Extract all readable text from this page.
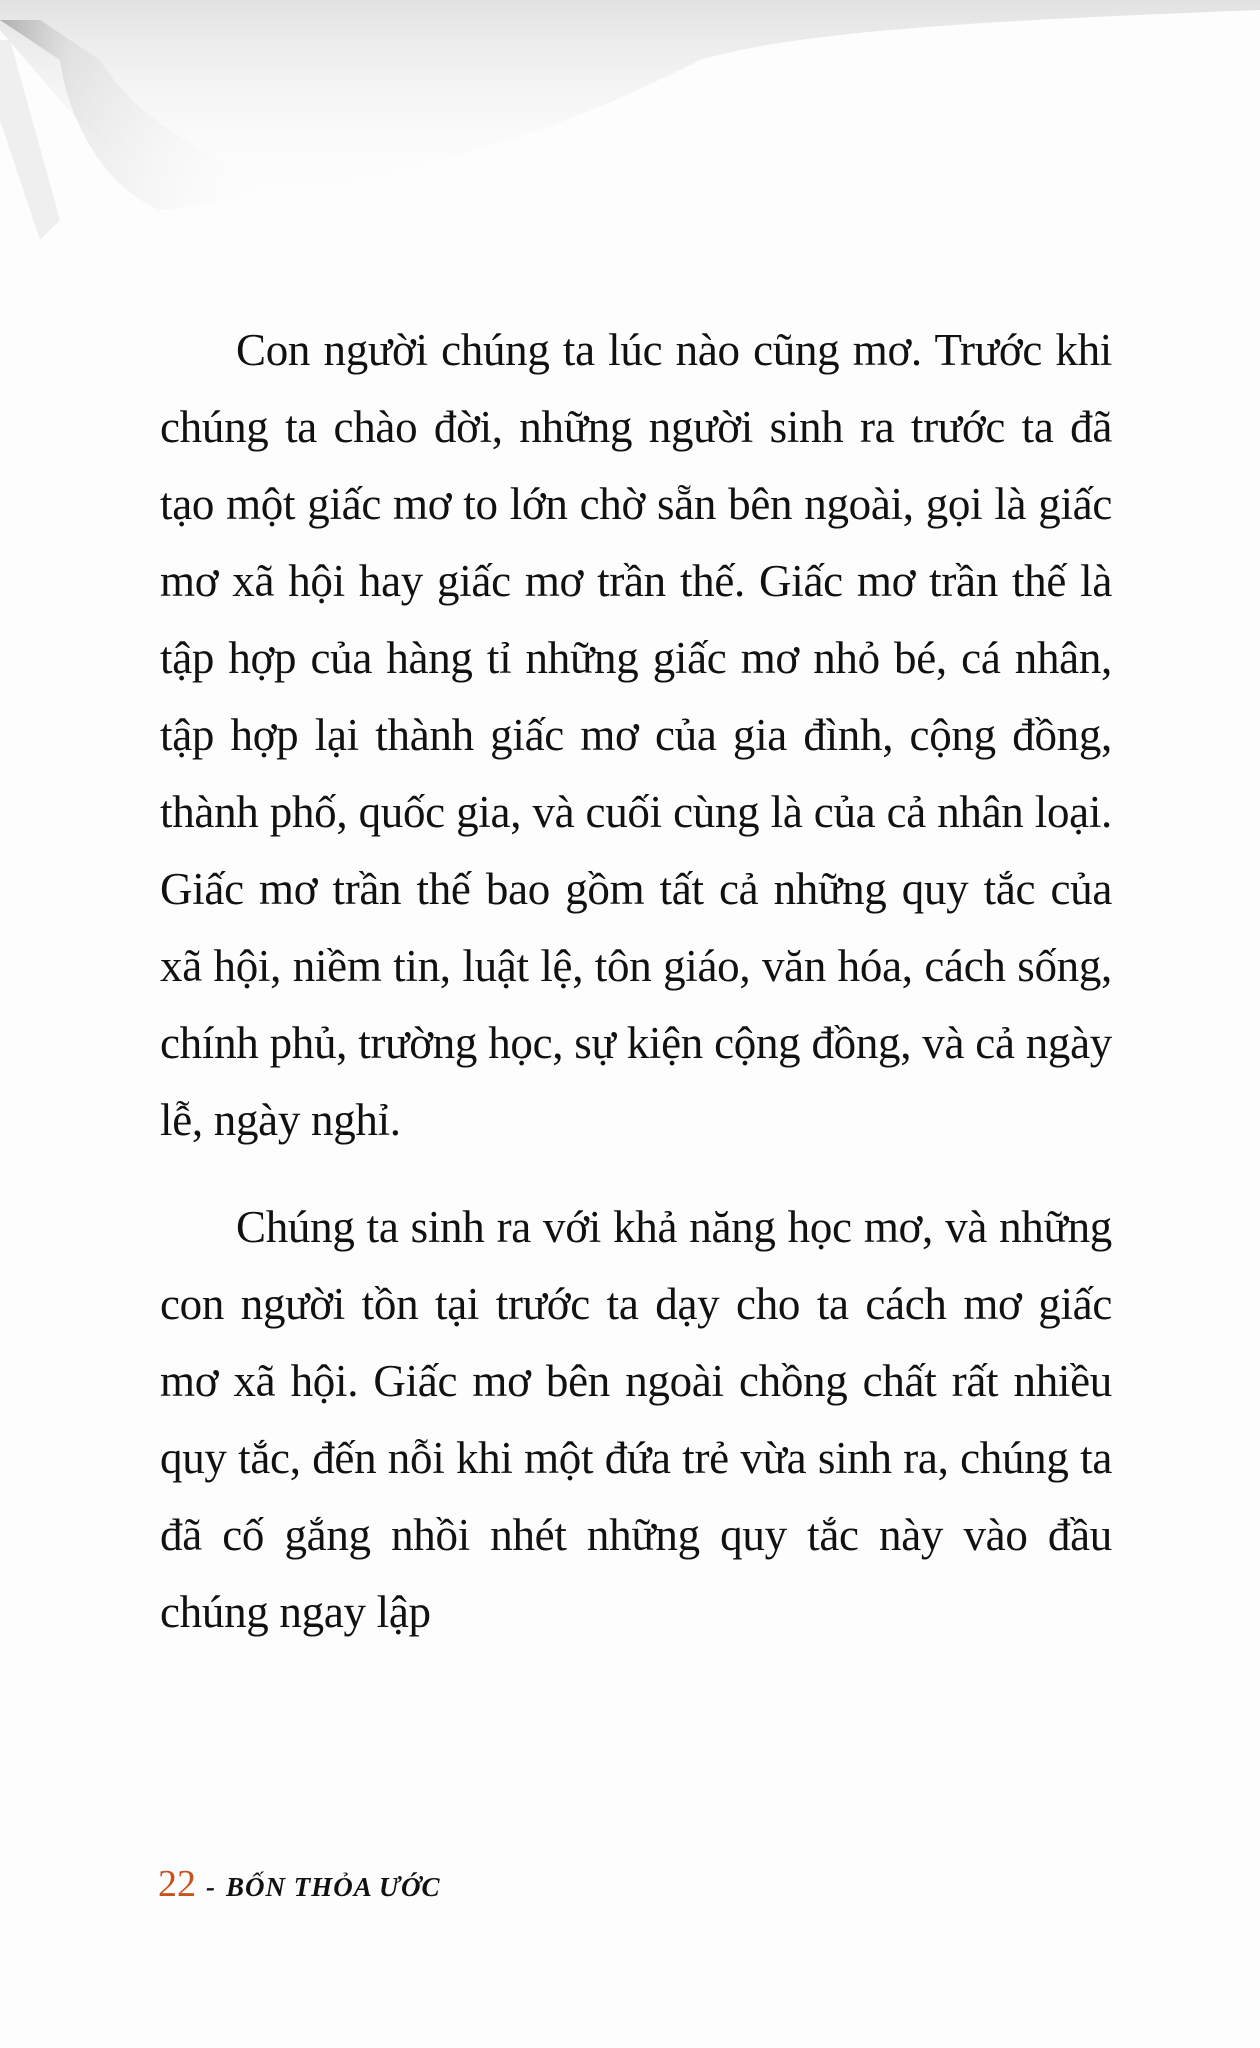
Con người chúng ta lúc nào cũng mơ. Trước khi chúng ta chào đời, những người sinh ra trước ta đã tạo một giấc mơ to lớn chờ sẵn bên ngoài, gọi là giấc mơ xã hội hay giấc mơ trần thế. Giấc mơ trần thế là tập hợp của hàng tỉ những giấc mơ nhỏ bé, cá nhân, tập hợp lại thành giấc mơ của gia đình, cộng đồng, thành phố, quốc gia, và cuối cùng là của cả nhân loại. Giấc mơ trần thế bao gồm tất cả những quy tắc của xã hội, niềm tin, luật lệ, tôn giáo, văn hóa, cách sống, chính phủ, trường học, sự kiện cộng đồng, và cả ngày lễ, ngày nghỉ.

Chúng ta sinh ra với khả năng học mơ, và những con người tồn tại trước ta dạy cho ta cách mơ giấc mơ xã hội. Giấc mơ bên ngoài chồng chất rất nhiều quy tắc, đến nỗi khi một đứa trẻ vừa sinh ra, chúng ta đã cố gắng nhồi nhét những quy tắc này vào đầu chúng ngay lập

22 - BỐN THỎA ƯỚC
